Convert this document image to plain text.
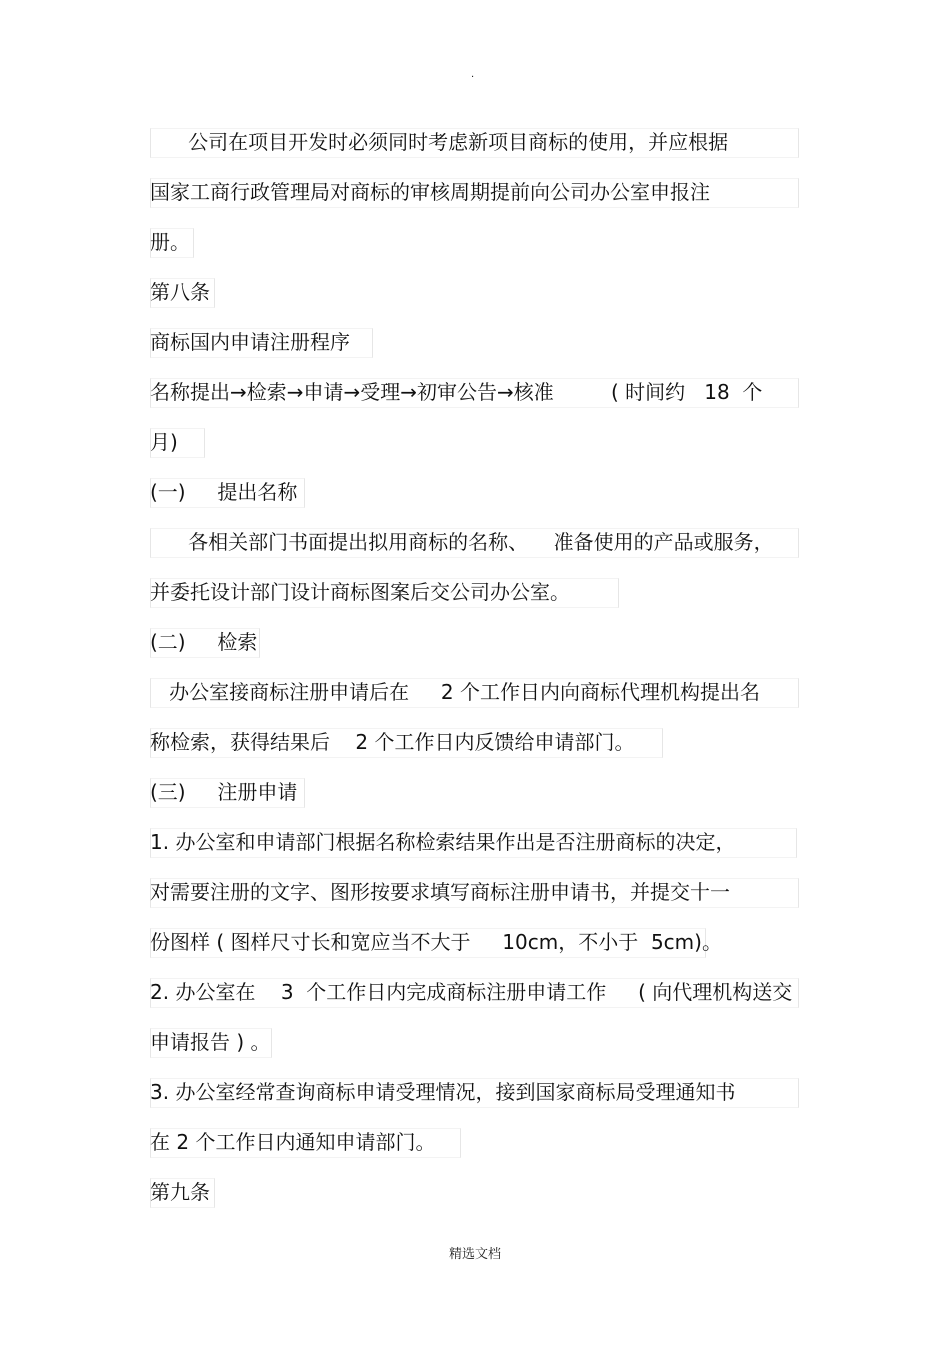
.
公司在项目开发时必须同时考虑新项目商标的使用，并应根据
国家工商行政管理局对商标的审核周期提前向公司办公室申报注
册。
第八条
商标国内申请注册程序
名称提出→检索→申请→受理→初审公告→核准         ( 时间约   18  个
月)
(一)     提出名称
各相关部门书面提出拟用商标的名称、    准备使用的产品或服务，
并委托设计部门设计商标图案后交公司办公室。
(二)     检索
办公室接商标注册申请后在     2 个工作日内向商标代理机构提出名
称检索，获得结果后    2 个工作日内反馈给申请部门。
(三)     注册申请
1. 办公室和申请部门根据名称检索结果作出是否注册商标的决定，
对需要注册的文字、图形按要求填写商标注册申请书，并提交十一
份图样 ( 图样尺寸长和宽应当不大于     10cm，不小于  5cm)。
2. 办公室在    3  个工作日内完成商标注册申请工作     ( 向代理机构送交
申请报告 ) 。
3. 办公室经常查询商标申请受理情况，接到国家商标局受理通知书
在 2 个工作日内通知申请部门。
第九条
精选文档
